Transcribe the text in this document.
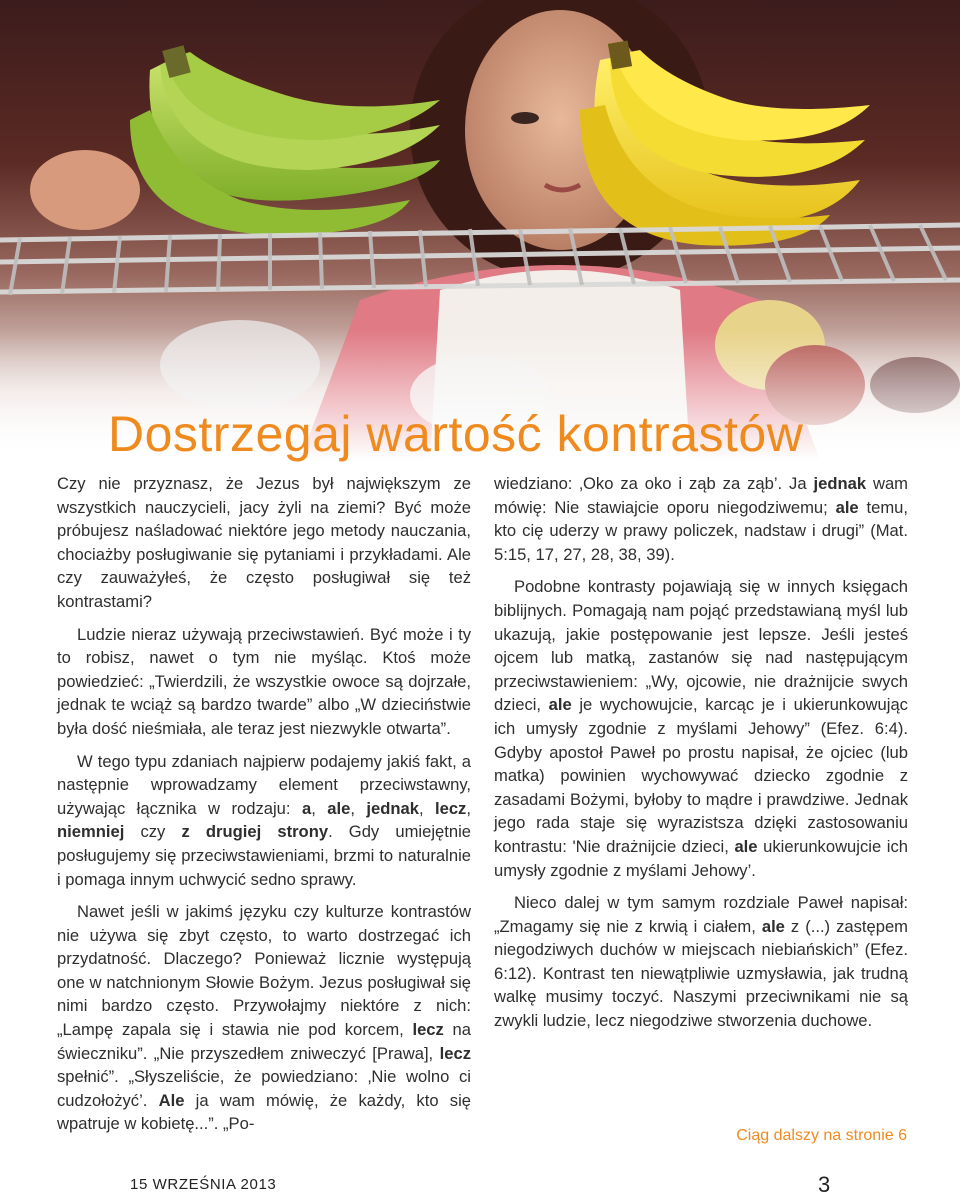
Dostrzegaj wartość kontrastów

Czy nie przyznasz, że Jezus był największym ze wszystkich nauczycieli, jacy żyli na ziemi? Być może próbujesz naśladować niektóre jego metody nauczania, chociażby posługiwanie się pytaniami i przykładami. Ale czy zauważyłeś, że często posługiwał się też kontrastami?

Ludzie nieraz używają przeciwstawień. Być może i ty to robisz, nawet o tym nie myśląc. Ktoś może powiedzieć: „Twierdzili, że wszystkie owoce są dojrzałe, jednak te wciąż są bardzo twarde” albo „W dzieciństwie była dość nieśmiała, ale teraz jest niezwykle otwarta”.

W tego typu zdaniach najpierw podajemy jakiś fakt, a następnie wprowadzamy element przeciwstawny, używając łącznika w rodzaju: a, ale, jednak, lecz, niemniej czy z drugiej strony. Gdy umiejętnie posługujemy się przeciwstawieniami, brzmi to naturalnie i pomaga innym uchwycić sedno sprawy.

Nawet jeśli w jakimś języku czy kulturze kontrastów nie używa się zbyt często, to warto dostrzegać ich przydatność. Dlaczego? Ponieważ licznie występują one w natchnionym Słowie Bożym. Jezus posługiwał się nimi bardzo często. Przywołajmy niektóre z nich: „Lampę zapala się i stawia nie pod korcem, lecz na świeczniku”. „Nie przyszedłem zniweczyć [Prawa], lecz spełnić”. „Słyszeliście, że powiedziano: ‚Nie wolno ci cudzołożyć’. Ale ja wam mówię, że każdy, kto się wpatruje w kobietę...”. „Po-

wiedziano: ‚Oko za oko i ząb za ząb’. Ja jednak wam mówię: Nie stawiajcie oporu niegodziwemu; ale temu, kto cię uderzy w prawy policzek, nadstaw i drugi” (Mat. 5:15, 17, 27, 28, 38, 39).

Podobne kontrasty pojawiają się w innych księgach biblijnych. Pomagają nam pojąć przedstawianą myśl lub ukazują, jakie postępowanie jest lepsze. Jeśli jesteś ojcem lub matką, zastanów się nad następującym przeciwstawieniem: „Wy, ojcowie, nie drażnijcie swych dzieci, ale je wychowujcie, karcąc je i ukierunkowując ich umysły zgodnie z myślami Jehowy” (Efez. 6:4). Gdyby apostoł Paweł po prostu napisał, że ojciec (lub matka) powinien wychowywać dziecko zgodnie z zasadami Bożymi, byłoby to mądre i prawdziwe. Jednak jego rada staje się wyrazistsza dzięki zastosowaniu kontrastu: 'Nie drażnijcie dzieci, ale ukierunkowujcie ich umysły zgodnie z myślami Jehowy’.

Nieco dalej w tym samym rozdziale Paweł napisał: „Zmagamy się nie z krwią i ciałem, ale z (...) zastępem niegodziwych duchów w miejscach niebiańskich” (Efez. 6:12). Kontrast ten niewątpliwie uzmysławia, jak trudną walkę musimy toczyć. Naszymi przeciwnikami nie są zwykli ludzie, lecz niegodziwe stworzenia duchowe.

Ciąg dalszy na stronie 6
15 WRZEŚNIA 2013	3
